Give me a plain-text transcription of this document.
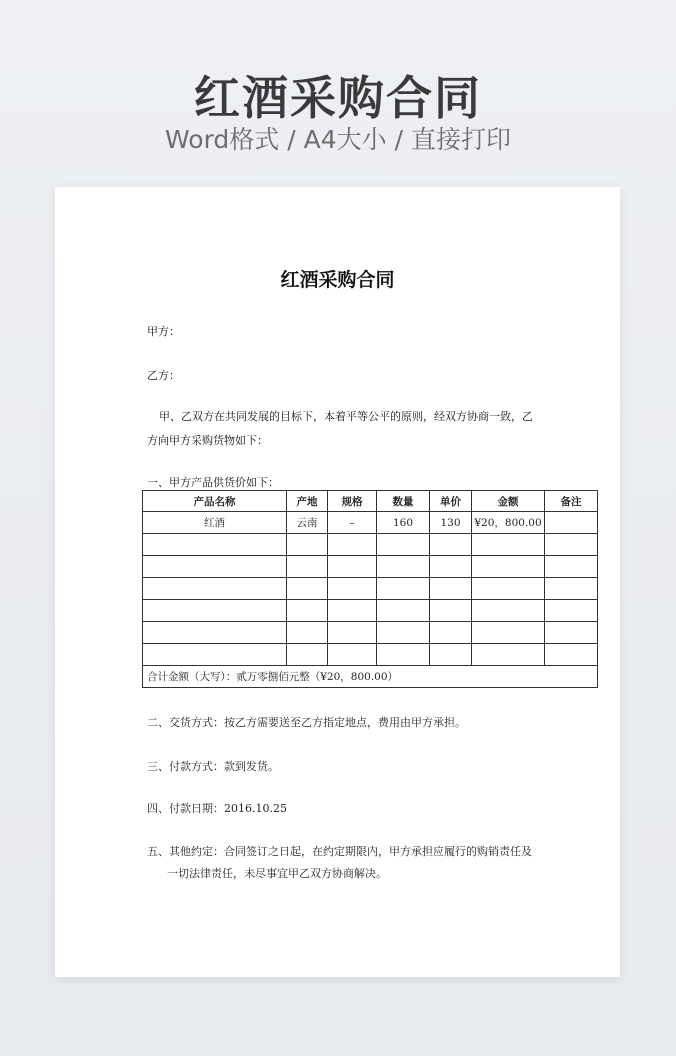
红酒采购合同
Word格式 / A4大小 / 直接打印
红酒采购合同
甲方：
乙方：
甲、乙双方在共同发展的目标下，本着平等公平的原则，经双方协商一致，乙
方向甲方采购货物如下：
一、甲方产品供货价如下：
产品名称	产地	规格	数量	单价	金额	备注
红酒	云南	–	160	130	¥20，800.00	

合计金额（大写）：贰万零捌佰元整（¥20，800.00）						
二、交货方式：按乙方需要送至乙方指定地点，费用由甲方承担。
三、付款方式：款到发货。
四、付款日期：2016.10.25
五、其他约定：合同签订之日起，在约定期限内，甲方承担应履行的购销责任及
一切法律责任，未尽事宜甲乙双方协商解决。
